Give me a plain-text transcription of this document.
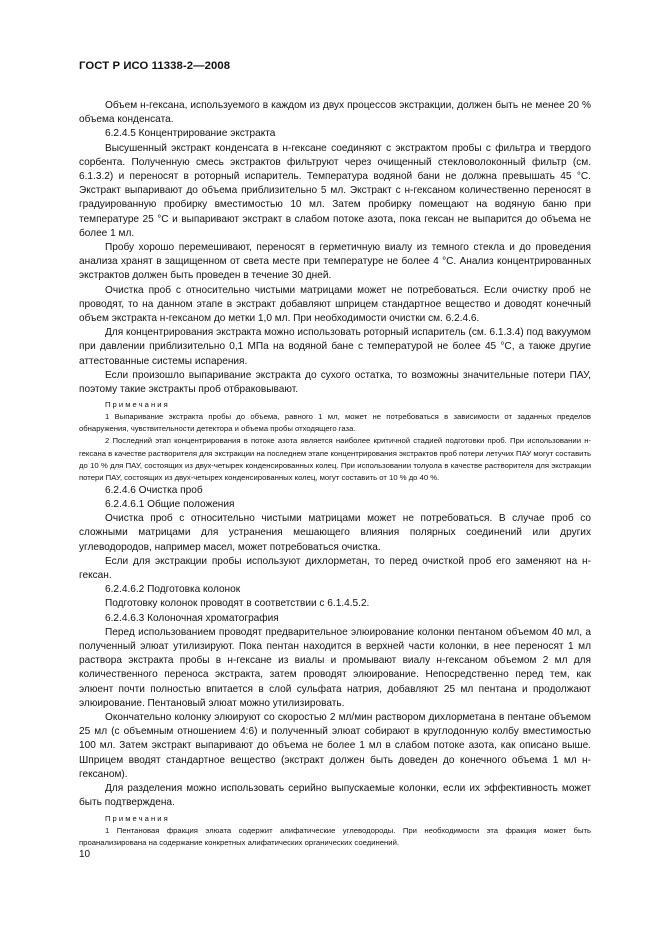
ГОСТ Р ИСО 11338-2—2008

Объем н-гексана, используемого в каждом из двух процессов экстракции, должен быть не менее 20 % объема конденсата.

6.2.4.5 Концентрирование экстракта

Высушенный экстракт конденсата в н-гексане соединяют с экстрактом пробы с фильтра и твердого сорбента. Полученную смесь экстрактов фильтруют через очищенный стекловолоконный фильтр (см. 6.1.3.2) и переносят в роторный испаритель. Температура водяной бани не должна превышать 45 °С. Экстракт выпаривают до объема приблизительно 5 мл. Экстракт с н-гексаном количественно переносят в градуированную пробирку вместимостью 10 мл. Затем пробирку помещают на водяную баню при температуре 25 °С и выпаривают экстракт в слабом потоке азота, пока гексан не выпарится до объема не более 1 мл.

Пробу хорошо перемешивают, переносят в герметичную виалу из темного стекла и до проведения анализа хранят в защищенном от света месте при температуре не более 4 °С. Анализ концентрированных экстрактов должен быть проведен в течение 30 дней.

Очистка проб с относительно чистыми матрицами может не потребоваться. Если очистку проб не проводят, то на данном этапе в экстракт добавляют шприцем стандартное вещество и доводят конечный объем экстракта н-гексаном до метки 1,0 мл. При необходимости очистки см. 6.2.4.6.

Для концентрирования экстракта можно использовать роторный испаритель (см. 6.1.3.4) под вакуумом при давлении приблизительно 0,1 МПа на водяной бане с температурой не более 45 °С, а также другие аттестованные системы испарения.

Если произошло выпаривание экстракта до сухого остатка, то возможны значительные потери ПАУ, поэтому такие экстракты проб отбраковывают.

Примечания

1 Выпаривание экстракта пробы до объема, равного 1 мл, может не потребоваться в зависимости от заданных пределов обнаружения, чувствительности детектора и объема пробы отходящего газа.

2 Последний этап концентрирования в потоке азота является наиболее критичной стадией подготовки проб. При использовании н-гексана в качестве растворителя для экстракции на последнем этапе концентрирования экстрактов проб потери летучих ПАУ могут составить до 10 % для ПАУ, состоящих из двух-четырех конденсированных колец. При использовании толуола в качестве растворителя для экстракции потери ПАУ, состоящих из двух-четырех конденсированных колец, могут составить от 10 % до 40 %.

6.2.4.6 Очистка проб

6.2.4.6.1 Общие положения

Очистка проб с относительно чистыми матрицами может не потребоваться. В случае проб со сложными матрицами для устранения мешающего влияния полярных соединений или других углеводородов, например масел, может потребоваться очистка.

Если для экстракции пробы используют дихлорметан, то перед очисткой проб его заменяют на н-гексан.

6.2.4.6.2 Подготовка колонок

Подготовку колонок проводят в соответствии с 6.1.4.5.2.

6.2.4.6.3 Колоночная хроматография

Перед использованием проводят предварительное элюирование колонки пентаном объемом 40 мл, а полученный элюат утилизируют. Пока пентан находится в верхней части колонки, в нее переносят 1 мл раствора экстракта пробы в н-гексане из виалы и промывают виалу н-гексаном объемом 2 мл для количественного переноса экстракта, затем проводят элюирование. Непосредственно перед тем, как элюент почти полностью впитается в слой сульфата натрия, добавляют 25 мл пентана и продолжают элюирование. Пентановый элюат можно утилизировать.

Окончательно колонку элюируют со скоростью 2 мл/мин раствором дихлорметана в пентане объемом 25 мл (с объемным отношением 4:6) и полученный элюат собирают в круглодонную колбу вместимостью 100 мл. Затем экстракт выпаривают до объема не более 1 мл в слабом потоке азота, как описано выше. Шприцем вводят стандартное вещество (экстракт должен быть доведен до конечного объема 1 мл н-гексаном).

Для разделения можно использовать серийно выпускаемые колонки, если их эффективность может быть подтверждена.

Примечания

1 Пентановая фракция элюата содержит алифатические углеводороды. При необходимости эта фракция может быть проанализирована на содержание конкретных алифатических органических соединений.

10
